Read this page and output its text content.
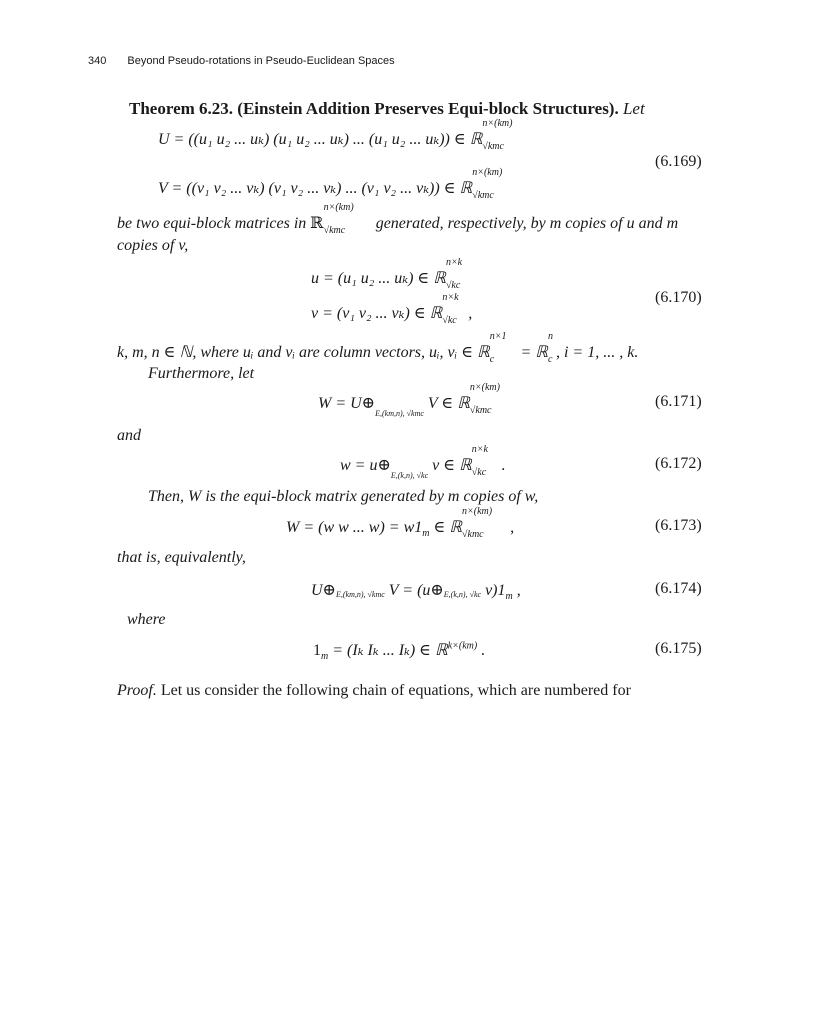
340 Beyond Pseudo-rotations in Pseudo-Euclidean Spaces
Theorem 6.23. (Einstein Addition Preserves Equi-block Structures). Let
U = ((u₁ u₂ ... uₖ) (u₁ u₂ ... uₖ) ... (u₁ u₂ ... uₖ)) ∈ ℝ
n×(km)
√kmc
(6.169)
V = ((v₁ v₂ ... vₖ) (v₁ v₂ ... vₖ) ... (v₁ v₂ ... vₖ)) ∈ ℝ
n×(km)
√kmc
be two equi-block matrices in ℝ
n×(km)
√kmc generated, respectively, by m copies of u and m
copies of v,
u = (u₁ u₂ ... uₖ) ∈ ℝ
n×k
√kc
(6.170)
v = (v₁ v₂ ... vₖ) ∈ ℝ
n×k
√kc ,
k, m, n ∈ ℕ, where uᵢ and vᵢ are column vectors, uᵢ, vᵢ ∈ ℝ
n×1
c = ℝ
n
c , i = 1, ... , k.
Furthermore, let
W = U⊕
E,(km,n), √kmc
V ∈ ℝ
n×(km)
√kmc
(6.171)
and
w = u⊕
E,(k,n), √kc
v ∈ ℝ
n×k
√kc .	(6.172)
Then, W is the equi-block matrix generated by m copies of w,
W = (w w ... $w) = w1_m$ ∈ ℝ
n×(km)
√kmc ,	(6.173)
that is, equivalently,
U⊕ E,(km,n), √kmc V = (u⊕ E,(k,n), √kc $v)1_m$ ,	(6.174)
where
$1_m = (I_k$ Iₖ ... Iₖ) ∈ ℝ$^{k\times(km)}$ .	(6.175)
Proof. Let us consider the following chain of equations, which are numbered for
